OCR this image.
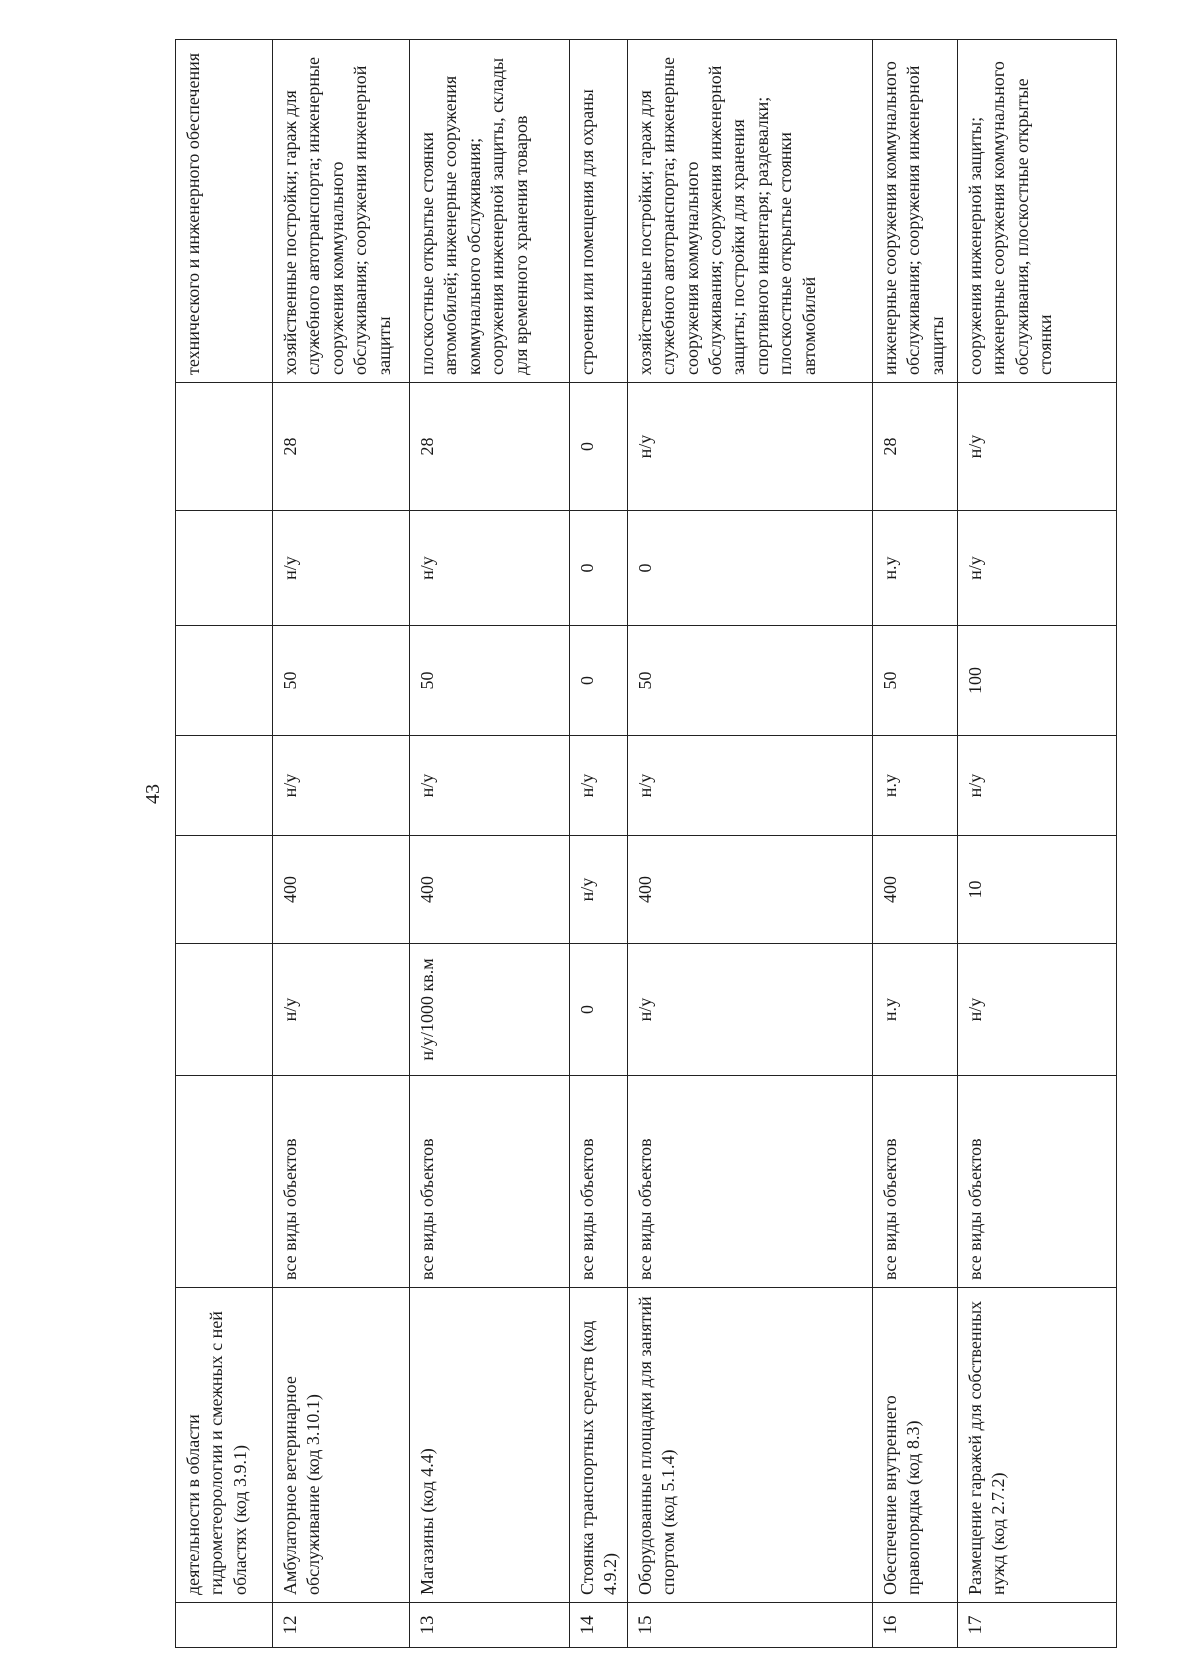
43
	деятельности в области гидрометеорологии и смежных с ней областях (код 3.9.1)								технического и инженерного обеспечения
12	Амбулаторное ветеринарное обслуживание (код 3.10.1)	все виды объектов	н/у	400	н/у	50	н/у	28	хозяйственные постройки; гараж для служебного автотранспорта; инженерные сооружения коммунального обслуживания; сооружения инженерной защиты
13	Магазины (код 4.4)	все виды объектов	н/у/1000 кв.м	400	н/у	50	н/у	28	плоскостные открытые стоянки автомобилей; инженерные сооружения коммунального обслуживания; сооружения инженерной защиты, склады для временного хранения товаров
14	Стоянка транспортных средств (код 4.9.2)	все виды объектов	0	н/у	н/у	0	0	0	строения или помещения для охраны
15	Оборудованные площадки для занятий спортом (код 5.1.4)	все виды объектов	н/у	400	н/у	50	0	н/у	хозяйственные постройки; гараж для служебного автотранспорта; инженерные сооружения коммунального обслуживания; сооружения инженерной защиты; постройки для хранения спортивного инвентаря; раздевалки; плоскостные открытые стоянки автомобилей
16	Обеспечение внутреннего правопорядка (код 8.3)	все виды объектов	н.у	400	н.у	50	н.у	28	инженерные сооружения коммунального обслуживания; сооружения инженерной защиты
17	Размещение гаражей для собственных нужд (код 2.7.2)	все виды объектов	н/у	10	н/у	100	н/у	н/у	сооружения инженерной защиты; инженерные сооружения коммунального обслуживания, плоскостные открытые стоянки
